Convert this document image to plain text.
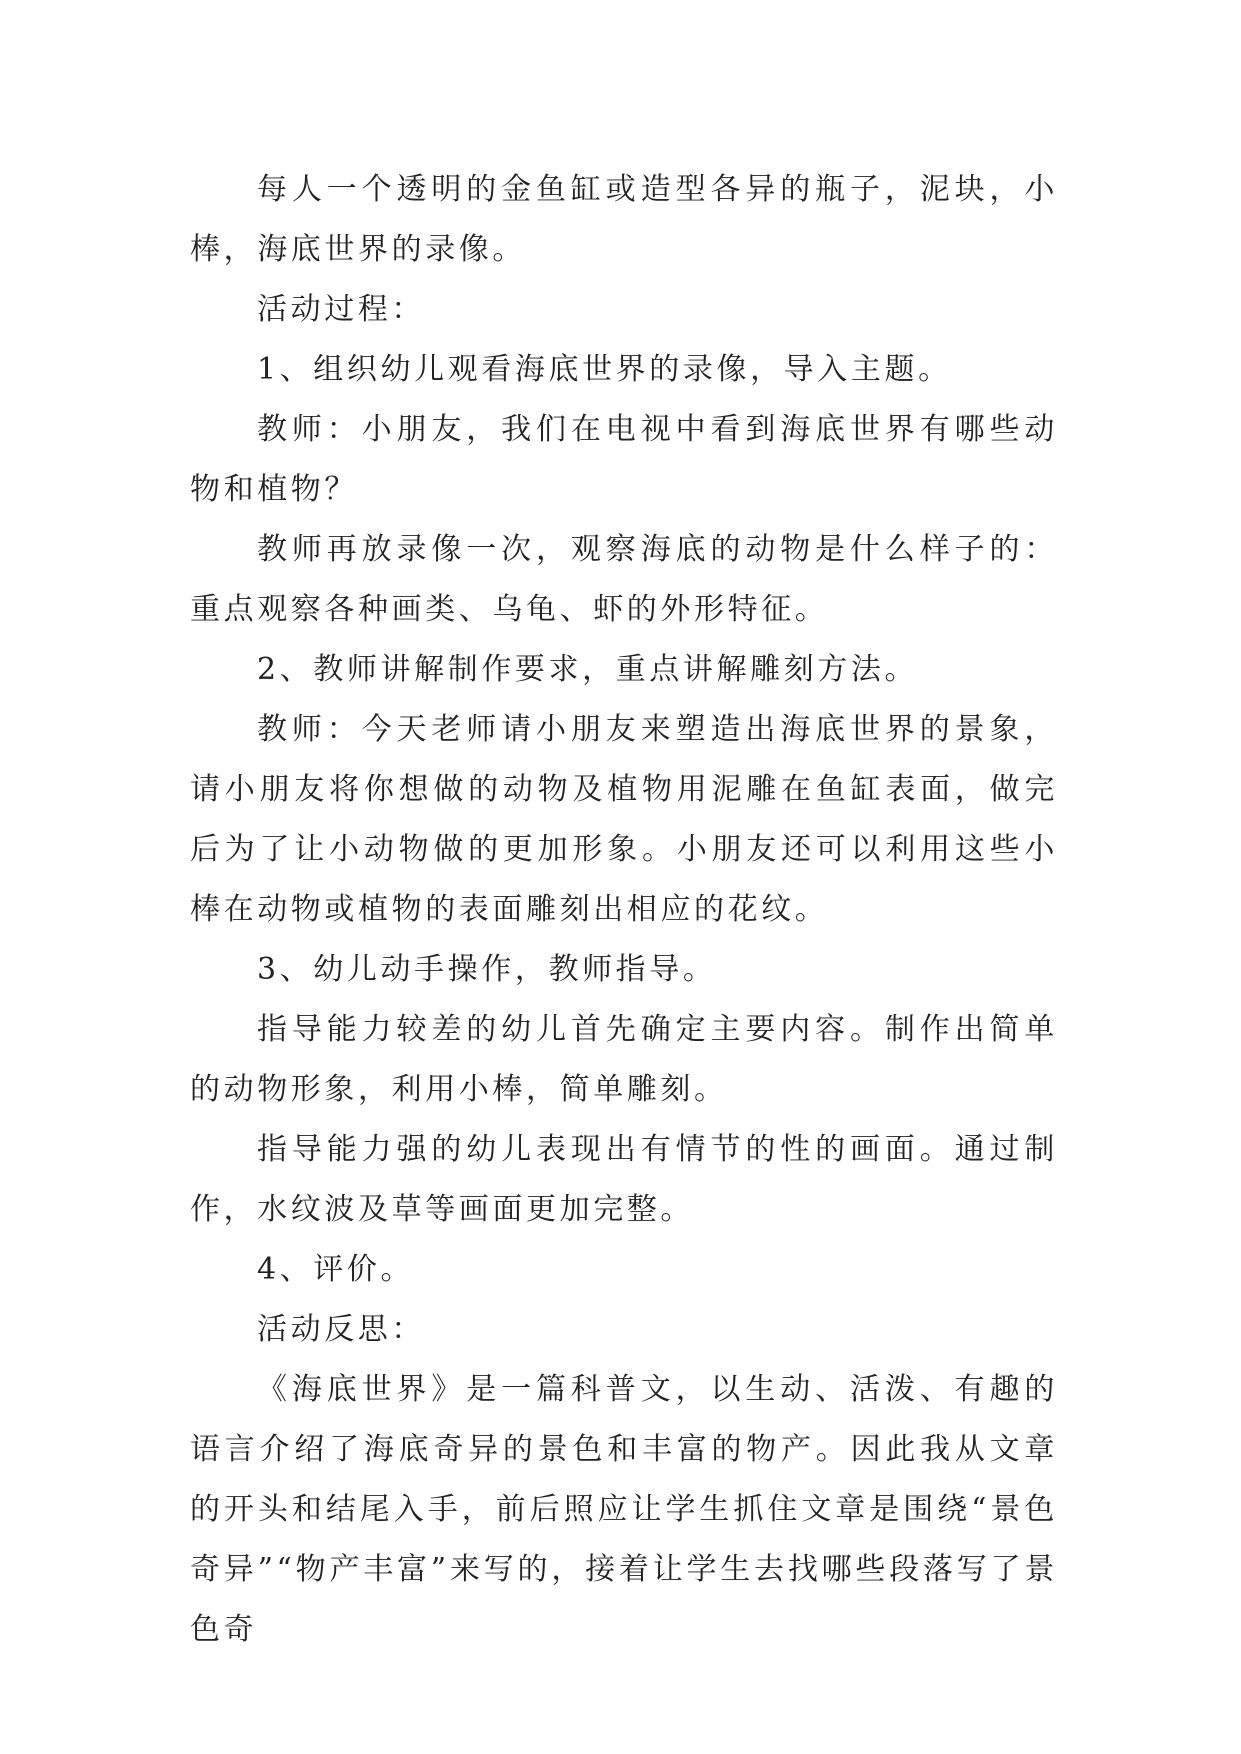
每人一个透明的金鱼缸或造型各异的瓶子，泥块，小棒，海底世界的录像。

活动过程：

1、组织幼儿观看海底世界的录像，导入主题。

教师：小朋友，我们在电视中看到海底世界有哪些动物和植物？

教师再放录像一次，观察海底的动物是什么样子的：重点观察各种画类、乌龟、虾的外形特征。

2、教师讲解制作要求，重点讲解雕刻方法。

教师：今天老师请小朋友来塑造出海底世界的景象，请小朋友将你想做的动物及植物用泥雕在鱼缸表面，做完后为了让小动物做的更加形象。小朋友还可以利用这些小棒在动物或植物的表面雕刻出相应的花纹。

3、幼儿动手操作，教师指导。

指导能力较差的幼儿首先确定主要内容。制作出简单的动物形象，利用小棒，简单雕刻。

指导能力强的幼儿表现出有情节的性的画面。通过制作，水纹波及草等画面更加完整。

4、评价。

活动反思：

《海底世界》是一篇科普文，以生动、活泼、有趣的语言介绍了海底奇异的景色和丰富的物产。因此我从文章的开头和结尾入手，前后照应让学生抓住文章是围绕“景色奇异”“物产丰富”来写的，接着让学生去找哪些段落写了景色奇
